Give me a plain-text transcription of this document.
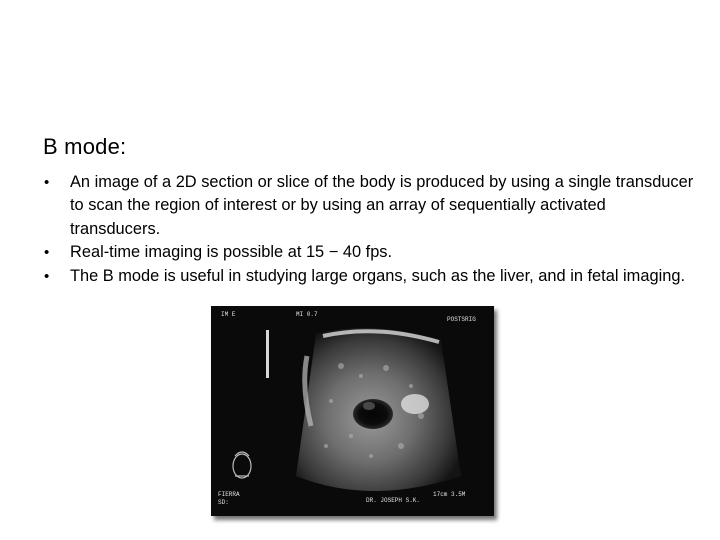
B mode:
• An image of a 2D section or slice of the body is produced by using a single transducer to scan the region of interest or by using an array of sequentially activated transducers.
• Real-time imaging is possible at 15 − 40 fps.
• The B mode is useful in studying large organs, such as the liver, and in fetal imaging.
IM E	MI 0.7
POSTSRIG
FIERRA
SD:	DR. JOSEPH S.K.
17cm 3.5M
